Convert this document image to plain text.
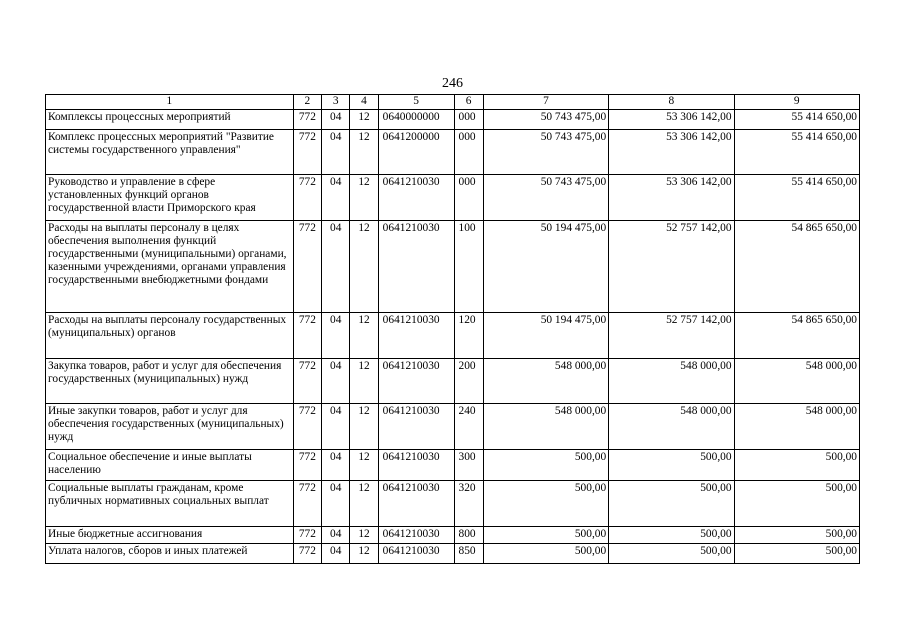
246
1	2	3	4	5	6	7	8	9
Комплексы процессных мероприятий	772	04	12	0640000000	000	50 743 475,00	53 306 142,00	55 414 650,00
Комплекс процессных мероприятий "Развитие системы государственного управления"	772	04	12	0641200000	000	50 743 475,00	53 306 142,00	55 414 650,00
Руководство и управление в сфере установленных функций органов государственной власти Приморского края	772	04	12	0641210030	000	50 743 475,00	53 306 142,00	55 414 650,00
Расходы на выплаты персоналу в целях обеспечения выполнения функций государственными (муниципальными) органами, казенными учреждениями, органами управления государственными внебюджетными фондами	772	04	12	0641210030	100	50 194 475,00	52 757 142,00	54 865 650,00
Расходы на выплаты персоналу государственных (муниципальных) органов	772	04	12	0641210030	120	50 194 475,00	52 757 142,00	54 865 650,00
Закупка товаров, работ и услуг для обеспечения государственных (муниципальных) нужд	772	04	12	0641210030	200	548 000,00	548 000,00	548 000,00
Иные закупки товаров, работ и услуг для обеспечения государственных (муниципальных) нужд	772	04	12	0641210030	240	548 000,00	548 000,00	548 000,00
Социальное обеспечение и иные выплаты населению	772	04	12	0641210030	300	500,00	500,00	500,00
Социальные выплаты гражданам, кроме публичных нормативных социальных выплат	772	04	12	0641210030	320	500,00	500,00	500,00
Иные бюджетные ассигнования	772	04	12	0641210030	800	500,00	500,00	500,00
Уплата налогов, сборов и иных платежей	772	04	12	0641210030	850	500,00	500,00	500,00
